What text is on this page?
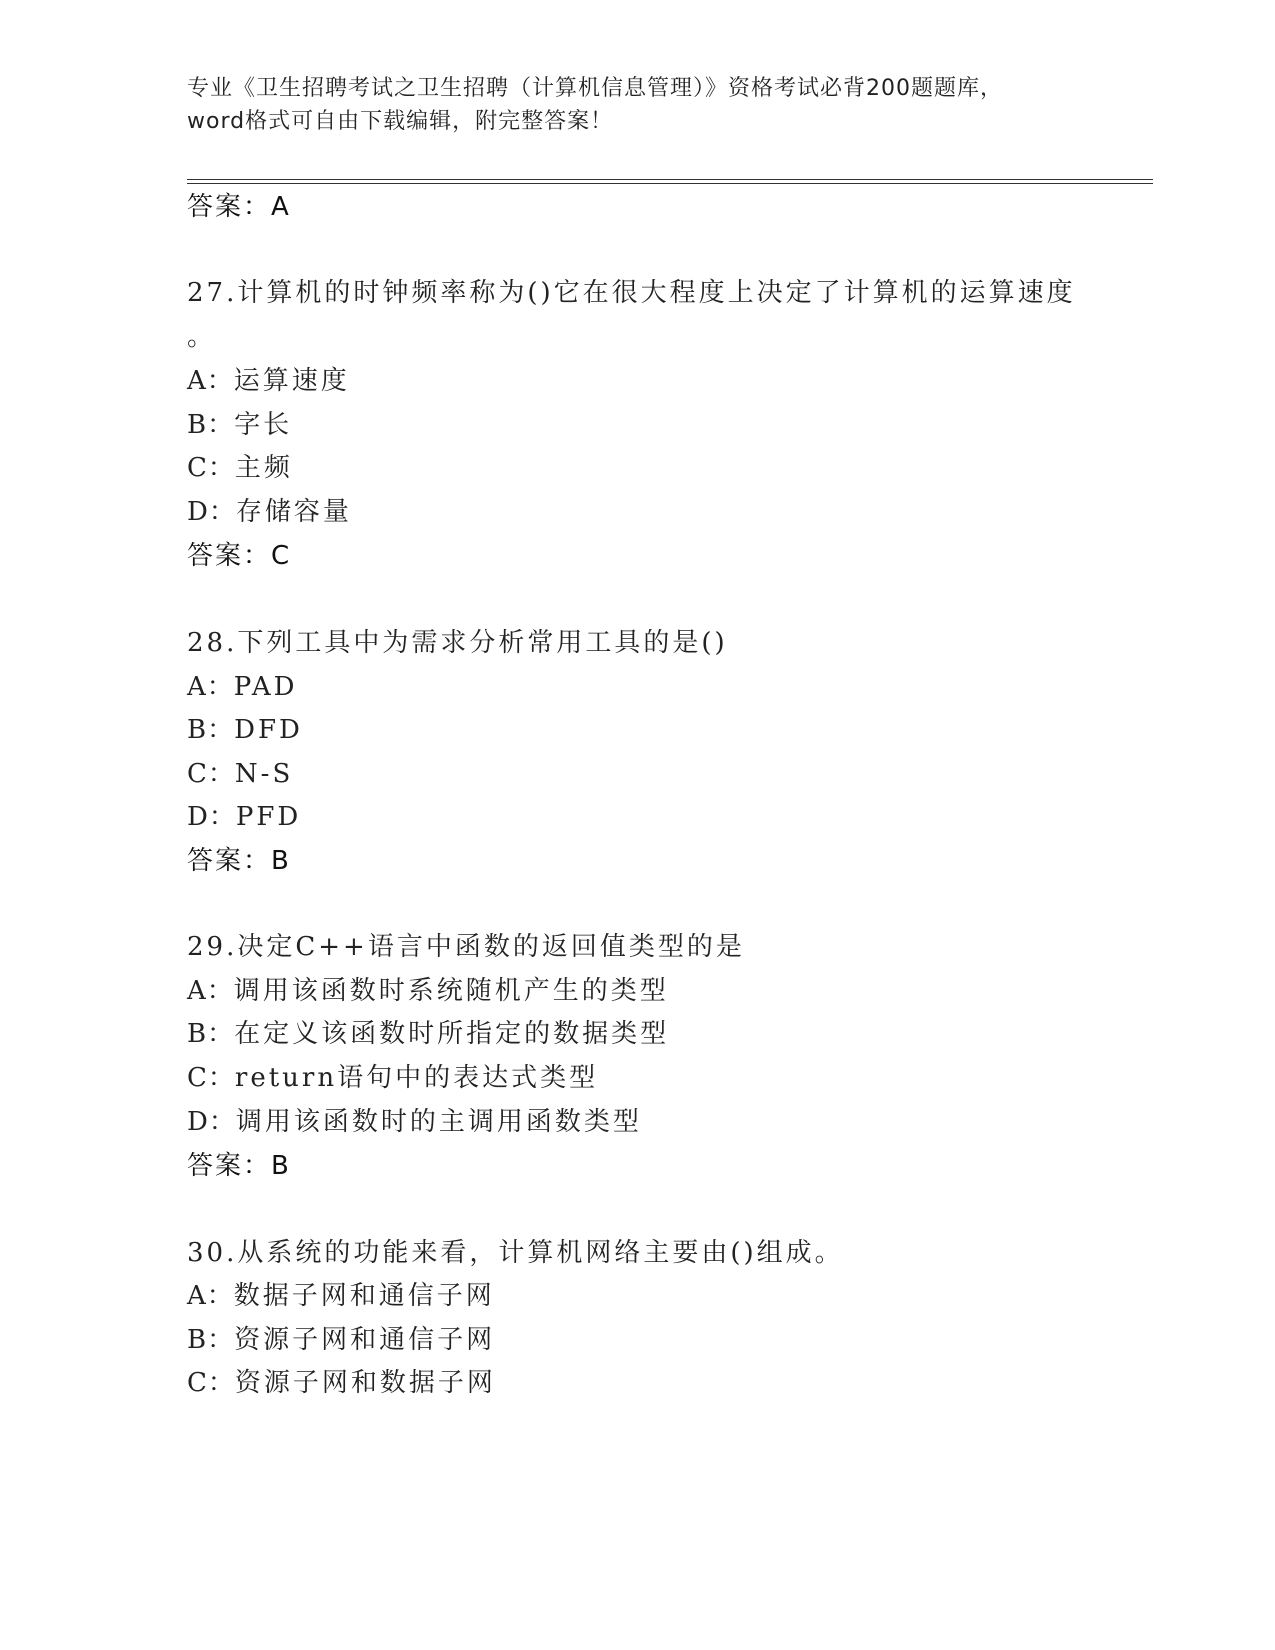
专业《卫生招聘考试之卫生招聘（计算机信息管理）》资格考试必背200题题库，
word格式可自由下载编辑，附完整答案！
答案：A
27.计算机的时钟频率称为()它在很大程度上决定了计算机的运算速度
。
A：运算速度
B：字长
C：主频
D：存储容量
答案：C
28.下列工具中为需求分析常用工具的是()
A：PAD
B：DFD
C：N-S
D：PFD
答案：B
29.决定C++语言中函数的返回值类型的是
A：调用该函数时系统随机产生的类型
B：在定义该函数时所指定的数据类型
C：return语句中的表达式类型
D：调用该函数时的主调用函数类型
答案：B
30.从系统的功能来看，计算机网络主要由()组成。
A：数据子网和通信子网
B：资源子网和通信子网
C：资源子网和数据子网
